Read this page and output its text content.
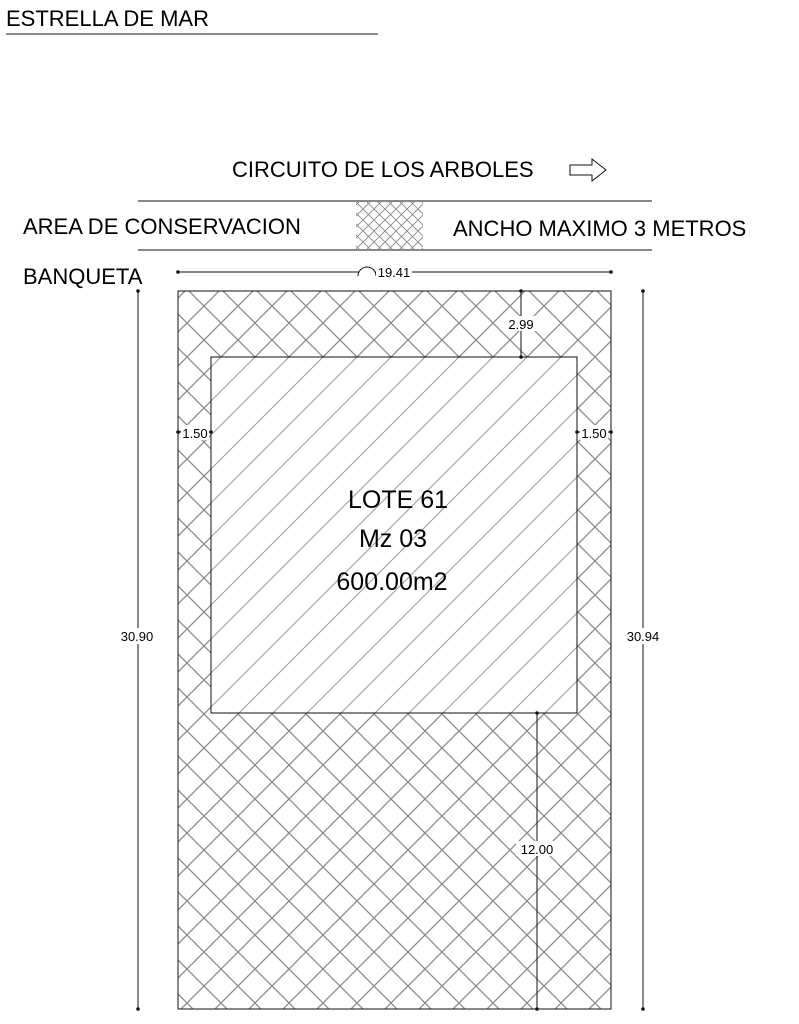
ESTRELLA DE MAR
CIRCUITO DE LOS ARBOLES
AREA DE CONSERVACION	ANCHO MAXIMO 3 METROS
BANQUETA
LOTE 61
Mz 03
600.00m2
19.41
30.90	30.94
2.99
1.50	1.50
12.00
